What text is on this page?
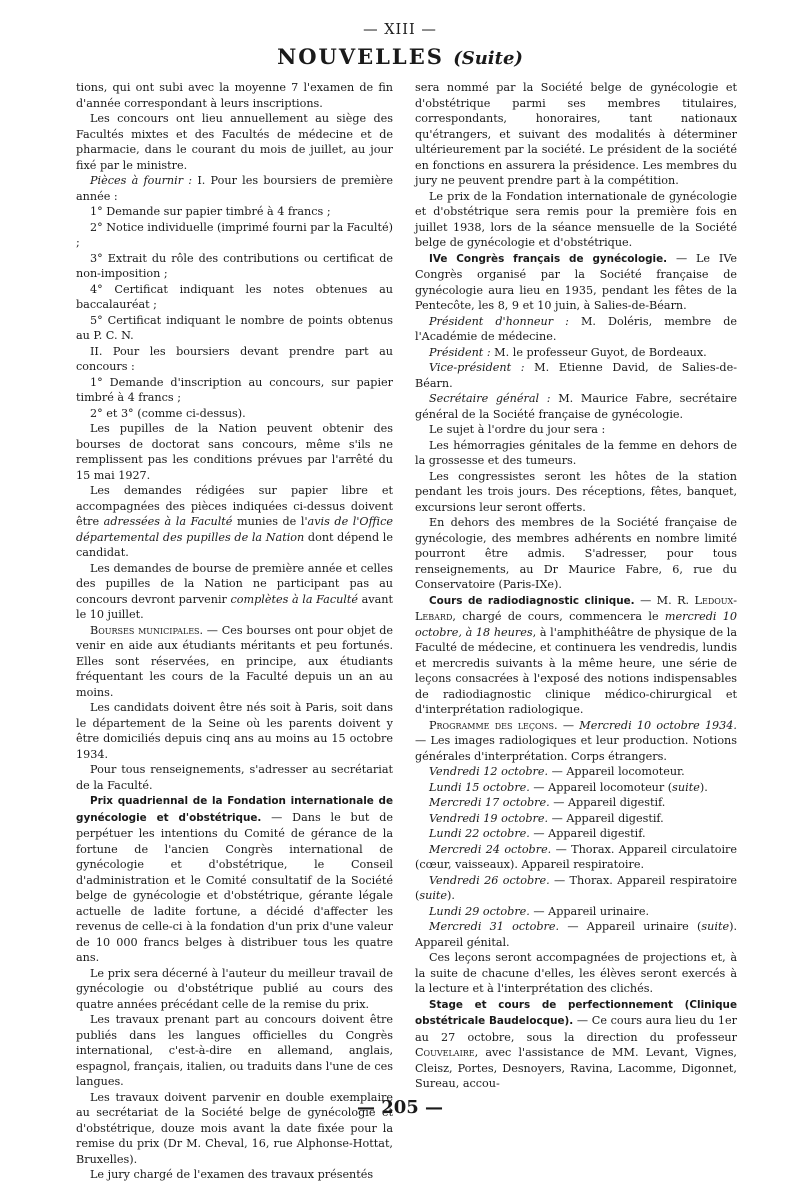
— XIII —
NOUVELLES (Suite)

tions, qui ont subi avec la moyenne 7 l'examen de fin d'année correspondant à leurs inscriptions.

Les concours ont lieu annuellement au siège des Facultés mixtes et des Facultés de médecine et de pharmacie, dans le courant du mois de juillet, au jour fixé par le ministre.

Pièces à fournir : I. Pour les boursiers de première année :

1° Demande sur papier timbré à 4 francs ;

2° Notice individuelle (imprimé fourni par la Faculté) ;

3° Extrait du rôle des contributions ou certificat de non-imposition ;

4° Certificat indiquant les notes obtenues au baccalauréat ;

5° Certificat indiquant le nombre de points obtenus au P. C. N.

II. Pour les boursiers devant prendre part au concours :

1° Demande d'inscription au concours, sur papier timbré à 4 francs ;

2° et 3° (comme ci-dessus).

Les pupilles de la Nation peuvent obtenir des bourses de doctorat sans concours, même s'ils ne remplissent pas les conditions prévues par l'arrêté du 15 mai 1927.

Les demandes rédigées sur papier libre et accompagnées des pièces indiquées ci-dessus doivent être adressées à la Faculté munies de l'avis de l'Office départemental des pupilles de la Nation dont dépend le candidat.

Les demandes de bourse de première année et celles des pupilles de la Nation ne participant pas au concours devront parvenir complètes à la Faculté avant le 10 juillet.

Bourses municipales. — Ces bourses ont pour objet de venir en aide aux étudiants méritants et peu fortunés. Elles sont réservées, en principe, aux étudiants fréquentant les cours de la Faculté depuis un an au moins.

Les candidats doivent être nés soit à Paris, soit dans le département de la Seine où les parents doivent y être domiciliés depuis cinq ans au moins au 15 octobre 1934.

Pour tous renseignements, s'adresser au secrétariat de la Faculté.

Prix quadriennal de la Fondation internationale de gynécologie et d'obstétrique. — Dans le but de perpétuer les intentions du Comité de gérance de la fortune de l'ancien Congrès international de gynécologie et d'obstétrique, le Conseil d'administration et le Comité consultatif de la Société belge de gynécologie et d'obstétrique, gérante légale actuelle de ladite fortune, a décidé d'affecter les revenus de celle-ci à la fondation d'un prix d'une valeur de 10 000 francs belges à distribuer tous les quatre ans.

Le prix sera décerné à l'auteur du meilleur travail de gynécologie ou d'obstétrique publié au cours des quatre années précédant celle de la remise du prix.

Les travaux prenant part au concours doivent être publiés dans les langues officielles du Congrès international, c'est-à-dire en allemand, anglais, espagnol, français, italien, ou traduits dans l'une de ces langues.

Les travaux doivent parvenir en double exemplaire au secrétariat de la Société belge de gynécologie et d'obstétrique, douze mois avant la date fixée pour la remise du prix (Dr M. Cheval, 16, rue Alphonse-Hottat, Bruxelles).

Le jury chargé de l'examen des travaux présentés

sera nommé par la Société belge de gynécologie et d'obstétrique parmi ses membres titulaires, correspondants, honoraires, tant nationaux qu'étrangers, et suivant des modalités à déterminer ultérieurement par la société. Le président de la société en fonctions en assurera la présidence. Les membres du jury ne peuvent prendre part à la compétition.

Le prix de la Fondation internationale de gynécologie et d'obstétrique sera remis pour la première fois en juillet 1938, lors de la séance mensuelle de la Société belge de gynécologie et d'obstétrique.

IVe Congrès français de gynécologie. — Le IVe Congrès organisé par la Société française de gynécologie aura lieu en 1935, pendant les fêtes de la Pentecôte, les 8, 9 et 10 juin, à Salies-de-Béarn.

Président d'honneur : M. Doléris, membre de l'Académie de médecine.

Président : M. le professeur Guyot, de Bordeaux.

Vice-président : M. Etienne David, de Salies-de-Béarn.

Secrétaire général : M. Maurice Fabre, secrétaire général de la Société française de gynécologie.

Le sujet à l'ordre du jour sera :

Les hémorragies génitales de la femme en dehors de la grossesse et des tumeurs.

Les congressistes seront les hôtes de la station pendant les trois jours. Des réceptions, fêtes, banquet, excursions leur seront offerts.

En dehors des membres de la Société française de gynécologie, des membres adhérents en nombre limité pourront être admis. S'adresser, pour tous renseignements, au Dr Maurice Fabre, 6, rue du Conservatoire (Paris-IXe).

Cours de radiodiagnostic clinique. — M. R. Ledoux-Lebard, chargé de cours, commencera le mercredi 10 octobre, à 18 heures, à l'amphithéâtre de physique de la Faculté de médecine, et continuera les vendredis, lundis et mercredis suivants à la même heure, une série de leçons consacrées à l'exposé des notions indispensables de radiodiagnostic clinique médico-chirurgical et d'interprétation radiologique.

Programme des leçons. — Mercredi 10 octobre 1934. — Les images radiologiques et leur production. Notions générales d'interprétation. Corps étrangers.

Vendredi 12 octobre. — Appareil locomoteur.

Lundi 15 octobre. — Appareil locomoteur (suite).

Mercredi 17 octobre. — Appareil digestif.

Vendredi 19 octobre. — Appareil digestif.

Lundi 22 octobre. — Appareil digestif.

Mercredi 24 octobre. — Thorax. Appareil circulatoire (cœur, vaisseaux). Appareil respiratoire.

Vendredi 26 octobre. — Thorax. Appareil respiratoire (suite).

Lundi 29 octobre. — Appareil urinaire.

Mercredi 31 octobre. — Appareil urinaire (suite). Appareil génital.

Ces leçons seront accompagnées de projections et, à la suite de chacune d'elles, les élèves seront exercés à la lecture et à l'interprétation des clichés.

Stage et cours de perfectionnement (Clinique obstétricale Baudelocque). — Ce cours aura lieu du 1er au 27 octobre, sous la direction du professeur Couvelaire, avec l'assistance de MM. Levant, Vignes, Cleisz, Portes, Desnoyers, Ravina, Lacomme, Digonnet, Sureau, accou-

— 205 —
